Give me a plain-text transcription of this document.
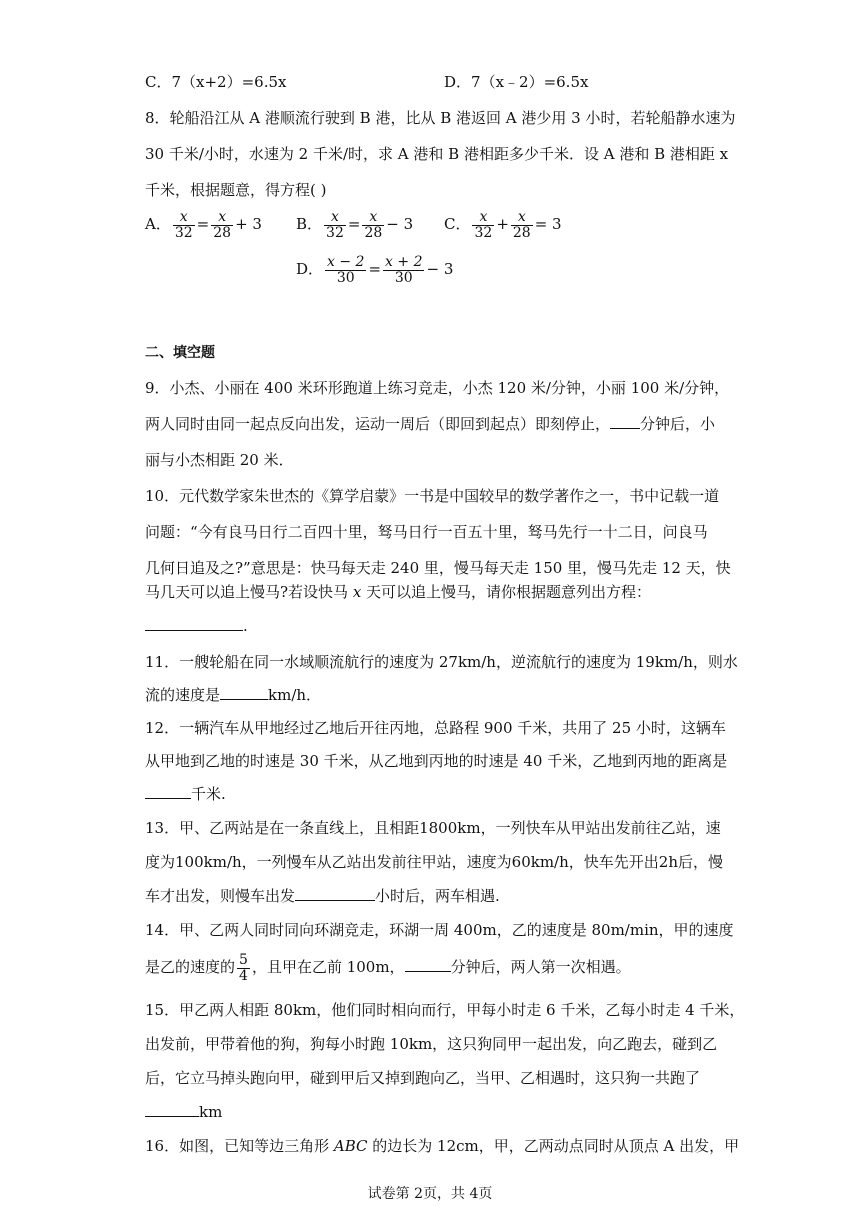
C．7（x+2）=6.5x	D．7（x﹣2）=6.5x
8．轮船沿江从 A 港顺流行驶到 B 港，比从 B 港返回 A 港少用 3 小时，若轮船静水速为
30 千米/小时，水速为 2 千米/时，求 A 港和 B 港相距多少千米．设 A 港和 B 港相距 x
千米，根据题意，得方程( )
A． $\frac{x}{32} = \frac{x}{28} + 3$ B． $\frac{x}{32} = \frac{x}{28} - 3$ C． $\frac{x}{32} + \frac{x}{28} = 3$
D． $\frac{x - 2}{30} = \frac{x + 2}{30} - 3$
二、填空题
9．小杰、小丽在 400 米环形跑道上练习竞走，小杰 120 米/分钟，小丽 100 米/分钟，
两人同时由同一起点反向出发，运动一周后（即回到起点）即刻停止， 分钟后，小
丽与小杰相距 20 米．
10．元代数学家朱世杰的《算学启蒙》一书是中国较早的数学著作之一，书中记载一道
问题：“今有良马日行二百四十里，驽马日行一百五十里，驽马先行一十二日，问良马
几何日追及之?”意思是：快马每天走 240 里，慢马每天走 150 里，慢马先走 12 天，快
马几天可以追上慢马?若设快马 x 天可以追上慢马，请你根据题意列出方程：
.
11．一艘轮船在同一水域顺流航行的速度为 27km/h，逆流航行的速度为 19km/h，则水
流的速度是	km/h．
12．一辆汽车从甲地经过乙地后开往丙地，总路程 900 千米，共用了 25 小时，这辆车
从甲地到乙地的时速是 30 千米，从乙地到丙地的时速是 40 千米，乙地到丙地的距离是
千米.
13．甲、乙两站是在一条直线上，且相距1800km，一列快车从甲站出发前往乙站，速
度为100km/h，一列慢车从乙站出发前往甲站，速度为60km/h，快车先开出2h后，慢
车才出发，则慢车出发	小时后，两车相遇.
14．甲、乙两人同时同向环湖竞走，环湖一周 400m，乙的速度是 80m/min，甲的速度
是乙的速度的 $\frac{5}{4}$ ，且甲在乙前 100m，	分钟后，两人第一次相遇。
15．甲乙两人相距 80km，他们同时相向而行，甲每小时走 6 千米，乙每小时走 4 千米，
出发前，甲带着他的狗，狗每小时跑 10km，这只狗同甲一起出发，向乙跑去，碰到乙
后，它立马掉头跑向甲，碰到甲后又掉到跑向乙，当甲、乙相遇时，这只狗一共跑了
km
16．如图，已知等边三角形 ABC 的边长为 12cm，甲，乙两动点同时从顶点 A 出发，甲
试卷第 2页，共 4页
